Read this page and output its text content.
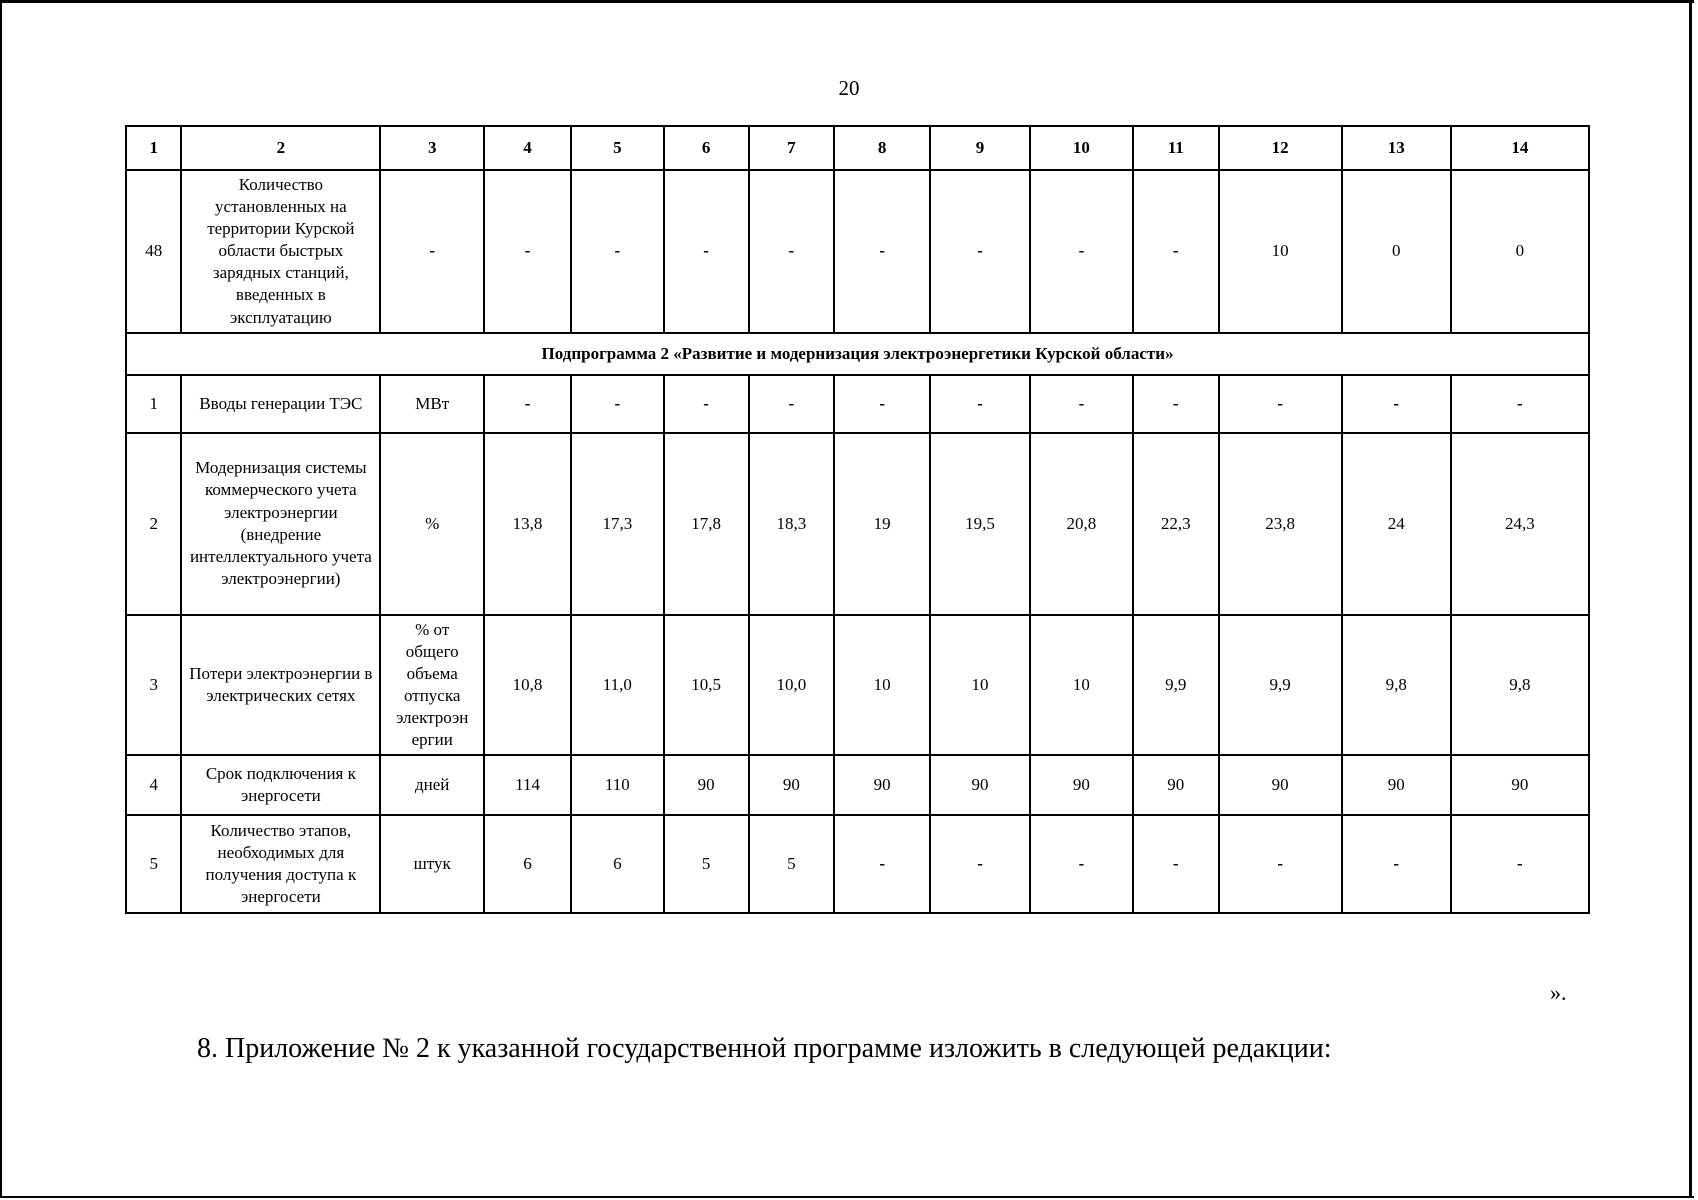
20
1	2	3	4	5	6	7	8	9	10	11	12	13	14
48	Количество установленных на территории Курской области быстрых зарядных станций, введенных в эксплуатацию	-	-	-	-	-	-	-	-	-	10	0	0
Подпрограмма 2 «Развитие и модернизация электроэнергетики Курской области»													
1	Вводы генерации ТЭС	МВт	-	-	-	-	-	-	-	-	-	-	-
2	Модернизация системы коммерческого учета электроэнергии (внедрение интеллектуального учета электроэнергии)	%	13,8	17,3	17,8	18,3	19	19,5	20,8	22,3	23,8	24	24,3
3	Потери электроэнергии в электрических сетях	% от общего объема отпуска электроэн ергии	10,8	11,0	10,5	10,0	10	10	10	9,9	9,9	9,8	9,8
4	Срок подключения к энергосети	дней	114	110	90	90	90	90	90	90	90	90	90
5	Количество этапов, необходимых для получения доступа к энергосети	штук	6	6	5	5	-	-	-	-	-	-	-
».
8. Приложение № 2 к указанной государственной программе изложить в следующей редакции:
